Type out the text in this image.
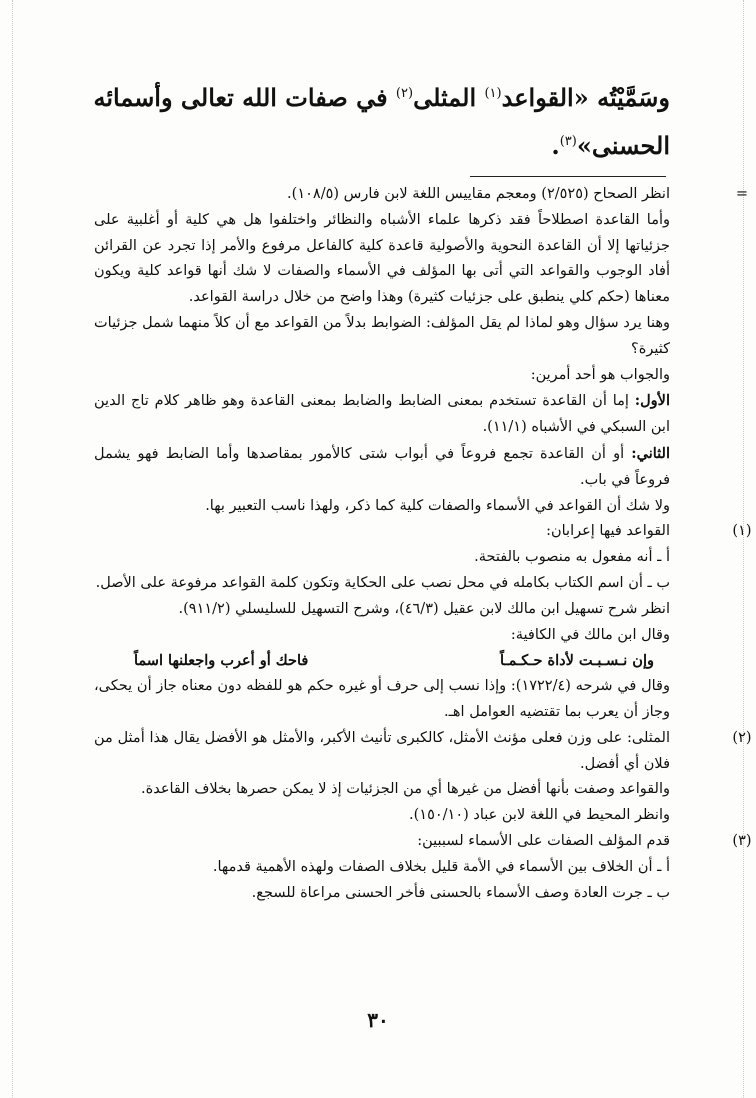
وسَمَّيْتُه «القواعد$^{(١)}$ المثلى$^{(٢)}$ في صفات الله تعالى وأسمائه الحسنى»$^{(٣)}$.
=
انظر الصحاح (٢/٥٢٥) ومعجم مقاييس اللغة لابن فارس (١٠٨/٥).
وأما القاعدة اصطلاحاً فقد ذكرها علماء الأشباه والنظائر واختلفوا هل هي كلية أو أغلبية على جزئياتها إلا أن القاعدة النحوية والأصولية قاعدة كلية كالفاعل مرفوع والأمر إذا تجرد عن القرائن أفاد الوجوب والقواعد التي أتى بها المؤلف في الأسماء والصفات لا شك أنها قواعد كلية ويكون معناها (حكم كلي ينطبق على جزئيات كثيرة) وهذا واضح من خلال دراسة القواعد.
وهنا يرد سؤال وهو لماذا لم يقل المؤلف: الضوابط بدلاً من القواعد مع أن كلاً منهما شمل جزئيات كثيرة؟
والجواب هو أحد أمرين:
الأول: إما أن القاعدة تستخدم بمعنى الضابط والضابط بمعنى القاعدة وهو ظاهر كلام تاج الدين ابن السبكي في الأشباه (١١/١).
الثاني: أو أن القاعدة تجمع فروعاً في أبواب شتى كالأمور بمقاصدها وأما الضابط فهو يشمل فروعاً في باب.
ولا شك أن القواعد في الأسماء والصفات كلية كما ذكر، ولهذا ناسب التعبير بها.
(١)
القواعد فيها إعرابان:
أ ـ أنه مفعول به منصوب بالفتحة.
ب ـ أن اسم الكتاب بكامله في محل نصب على الحكاية وتكون كلمة القواعد مرفوعة على الأصل.
انظر شرح تسهيل ابن مالك لابن عقيل (٤٦/٣)، وشرح التسهيل للسليسلي (٩١١/٢).
وقال ابن مالك في الكافية:
وإن نـسـبـت لأداة حـكـمـاً
فاحك أو أعرب واجعلنها اسماً
وقال في شرحه (١٧٢٢/٤): وإذا نسب إلى حرف أو غيره حكم هو للفظه دون معناه جاز أن يحكى، وجاز أن يعرب بما تقتضيه العوامل اهـ.
(٢)
المثلى: على وزن فعلى مؤنث الأمثل، كالكبرى تأنيث الأكبر، والأمثل هو الأفضل يقال هذا أمثل من فلان أي أفضل.
والقواعد وصفت بأنها أفضل من غيرها أي من الجزئيات إذ لا يمكن حصرها بخلاف القاعدة.
وانظر المحيط في اللغة لابن عباد (١٥٠/١٠).
(٣)
قدم المؤلف الصفات على الأسماء لسببين:
أ ـ أن الخلاف بين الأسماء في الأمة قليل بخلاف الصفات ولهذه الأهمية قدمها.
ب ـ جرت العادة وصف الأسماء بالحسنى فأخر الحسنى مراعاة للسجع.
٣٠
